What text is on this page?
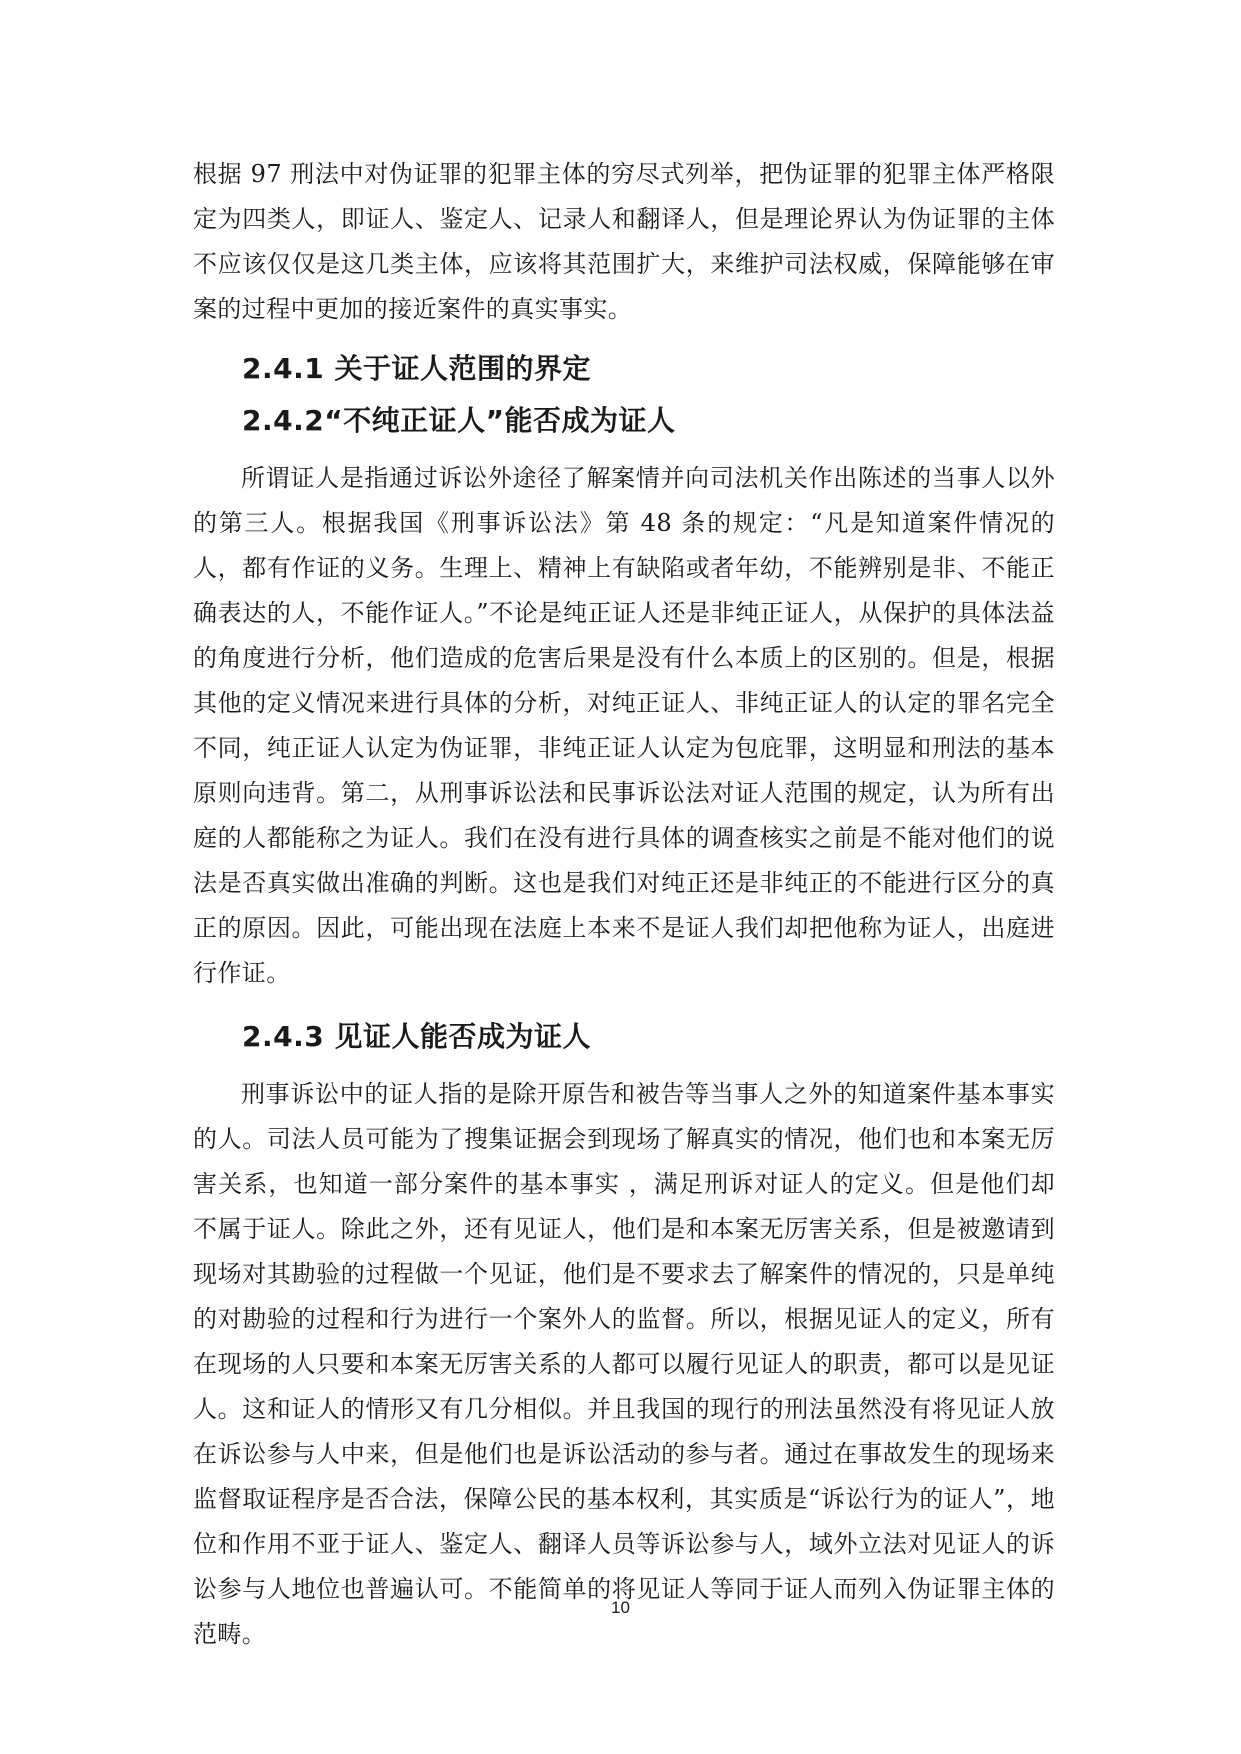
根据 97 刑法中对伪证罪的犯罪主体的穷尽式列举，把伪证罪的犯罪主体严格限定为四类人，即证人、鉴定人、记录人和翻译人，但是理论界认为伪证罪的主体不应该仅仅是这几类主体，应该将其范围扩大，来维护司法权威，保障能够在审案的过程中更加的接近案件的真实事实。

2.4.1 关于证人范围的界定
2.4.2“不纯正证人”能否成为证人

所谓证人是指通过诉讼外途径了解案情并向司法机关作出陈述的当事人以外的第三人。根据我国《刑事诉讼法》第 48 条的规定：“凡是知道案件情况的人，都有作证的义务。生理上、精神上有缺陷或者年幼，不能辨别是非、不能正确表达的人，不能作证人。”不论是纯正证人还是非纯正证人，从保护的具体法益的角度进行分析，他们造成的危害后果是没有什么本质上的区别的。但是，根据其他的定义情况来进行具体的分析，对纯正证人、非纯正证人的认定的罪名完全不同，纯正证人认定为伪证罪，非纯正证人认定为包庇罪，这明显和刑法的基本原则向违背。第二，从刑事诉讼法和民事诉讼法对证人范围的规定，认为所有出庭的人都能称之为证人。我们在没有进行具体的调查核实之前是不能对他们的说法是否真实做出准确的判断。这也是我们对纯正还是非纯正的不能进行区分的真正的原因。因此，可能出现在法庭上本来不是证人我们却把他称为证人，出庭进行作证。

2.4.3 见证人能否成为证人

刑事诉讼中的证人指的是除开原告和被告等当事人之外的知道案件基本事实的人。司法人员可能为了搜集证据会到现场了解真实的情况，他们也和本案无厉害关系，也知道一部分案件的基本事实 ，满足刑诉对证人的定义。但是他们却不属于证人。除此之外，还有见证人，他们是和本案无厉害关系，但是被邀请到现场对其勘验的过程做一个见证，他们是不要求去了解案件的情况的，只是单纯的对勘验的过程和行为进行一个案外人的监督。所以，根据见证人的定义，所有在现场的人只要和本案无厉害关系的人都可以履行见证人的职责，都可以是见证人。这和证人的情形又有几分相似。并且我国的现行的刑法虽然没有将见证人放在诉讼参与人中来，但是他们也是诉讼活动的参与者。通过在事故发生的现场来监督取证程序是否合法，保障公民的基本权利，其实质是“诉讼行为的证人”，地位和作用不亚于证人、鉴定人、翻译人员等诉讼参与人，域外立法对见证人的诉讼参与人地位也普遍认可。不能简单的将见证人等同于证人而列入伪证罪主体的范畴。

10
